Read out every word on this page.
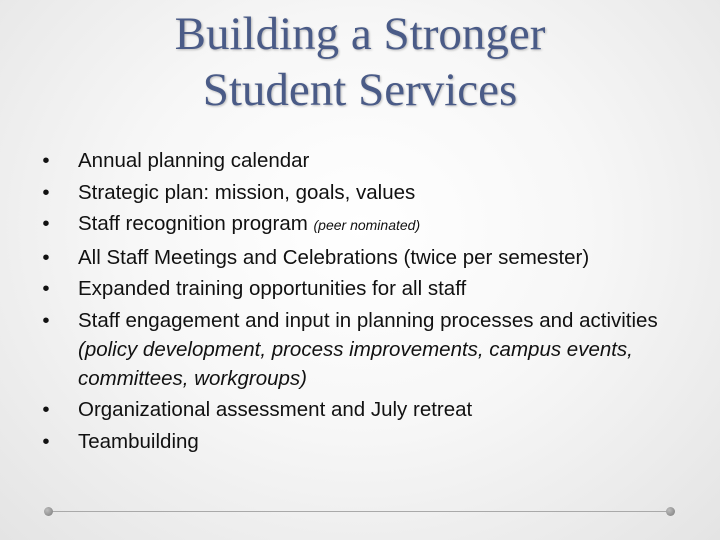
Building a Stronger
Student Services
• Annual planning calendar
• Strategic plan: mission, goals, values
• Staff recognition program (peer nominated)
• All Staff Meetings and Celebrations (twice per semester)
• Expanded training opportunities for all staff
• Staff engagement and input in planning processes and activities (policy development, process improvements, campus events, committees, workgroups)
• Organizational assessment and July retreat
• Teambuilding
